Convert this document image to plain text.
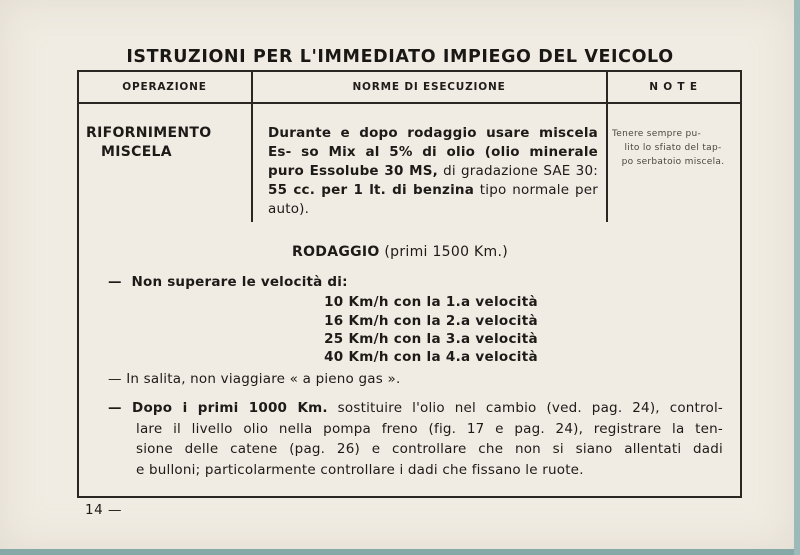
ISTRUZIONI PER L'IMMEDIATO IMPIEGO DEL VEICOLO
OPERAZIONE	NORME DI ESECUZIONE	N O T E
RIFORNIMENTO
MISCELA
Durante e dopo rodaggio usare miscela Es- so Mix al 5% di olio (olio minerale puro Essolube 30 MS, di gradazione SAE 30: 55 cc. per 1 lt. di benzina tipo normale per auto).
Tenere sempre pu-
lito lo sfiato del tap-
po serbatoio miscela.
RODAGGIO (primi 1500 Km.)
— Non superare le velocità di:
10 Km/h con la 1.a velocità
16 Km/h con la 2.a velocità
25 Km/h con la 3.a velocità
40 Km/h con la 4.a velocità
— In salita, non viaggiare « a pieno gas ».
— Dopo i primi 1000 Km. sostituire l'olio nel cambio (ved. pag. 24), control-
lare il livello olio nella pompa freno (fig. 17 e pag. 24), registrare la ten-
sione delle catene (pag. 26) e controllare che non si siano allentati dadi
e bulloni; particolarmente controllare i dadi che fissano le ruote.
14 —
